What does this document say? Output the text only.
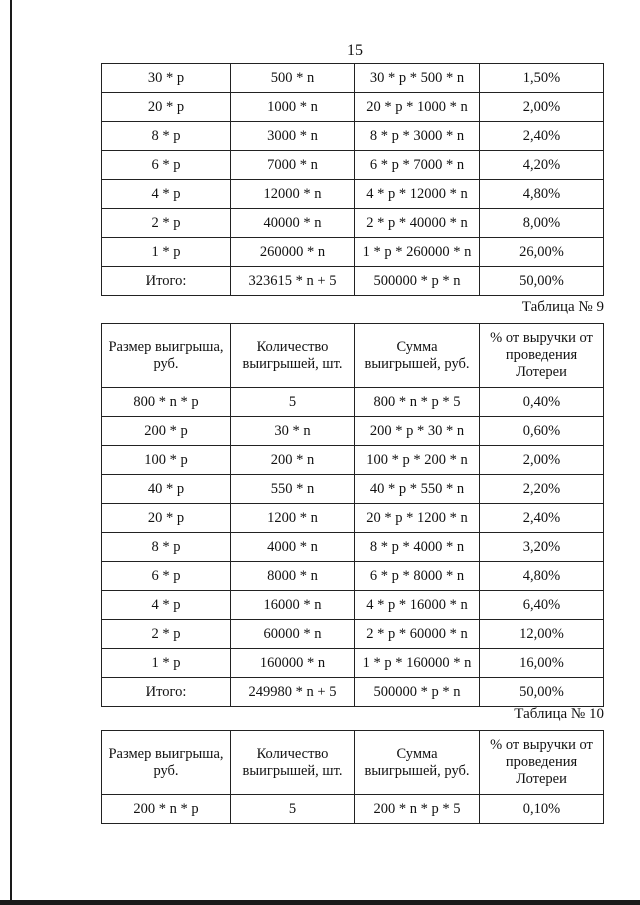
15
30 * p	500 * n	30 * p * 500 * n	1,50%
20 * p	1000 * n	20 * p * 1000 * n	2,00%
8 * p	3000 * n	8 * p * 3000 * n	2,40%
6 * p	7000 * n	6 * p * 7000 * n	4,20%
4 * p	12000 * n	4 * p * 12000 * n	4,80%
2 * p	40000 * n	2 * p * 40000 * n	8,00%
1 * p	260000 * n	1 * p * 260000 * n	26,00%
Итого:	323615 * n + 5	500000 * p * n	50,00%
Таблица № 9
Размер выигрыша, руб.	Количество выигрышей, шт.	Сумма выигрышей, руб.	% от выручки от проведения Лотереи
800 * n * p	5	800 * n * p * 5	0,40%
200 * p	30 * n	200 * p * 30 * n	0,60%
100 * p	200 * n	100 * p * 200 * n	2,00%
40 * p	550 * n	40 * p * 550 * n	2,20%
20 * p	1200 * n	20 * p * 1200 * n	2,40%
8 * p	4000 * n	8 * p * 4000 * n	3,20%
6 * p	8000 * n	6 * p * 8000 * n	4,80%
4 * p	16000 * n	4 * p * 16000 * n	6,40%
2 * p	60000 * n	2 * p * 60000 * n	12,00%
1 * p	160000 * n	1 * p * 160000 * n	16,00%
Итого:	249980 * n + 5	500000 * p * n	50,00%
Таблица № 10
Размер выигрыша, руб.	Количество выигрышей, шт.	Сумма выигрышей, руб.	% от выручки от проведения Лотереи
200 * n * p	5	200 * n * p * 5	0,10%
